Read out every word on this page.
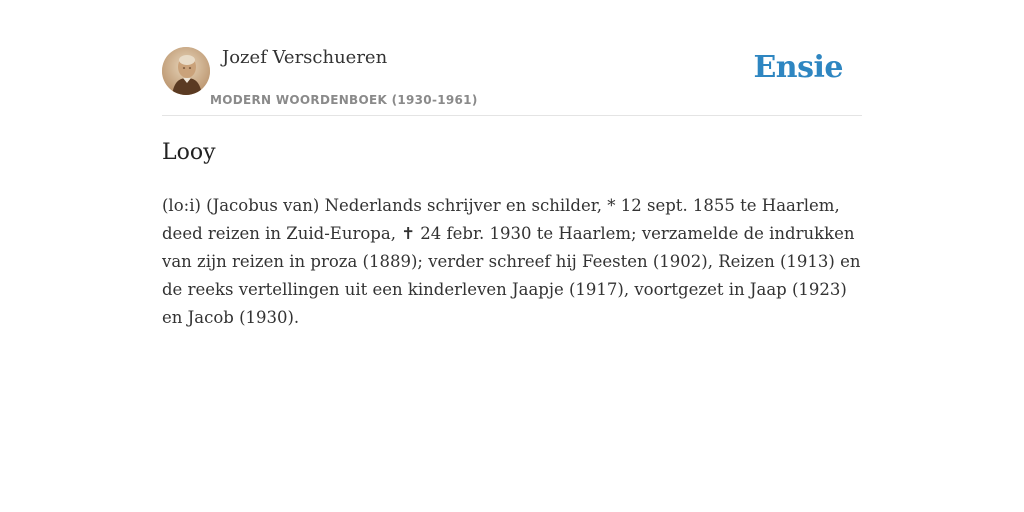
Jozef Verschueren
MODERN WOORDENBOEK (1930-1961)
Ensie
Looy

(lo:i) (Jacobus van) Nederlands schrijver en schilder, * 12 sept. 1855 te Haarlem, deed reizen in Zuid-Europa, ✝ 24 febr. 1930 te Haarlem; verzamelde de indrukken van zijn reizen in proza (1889); verder schreef hij Feesten (1902), Reizen (1913) en de reeks vertellingen uit een kinderleven Jaapje (1917), voortgezet in Jaap (1923) en Jacob (1930).
